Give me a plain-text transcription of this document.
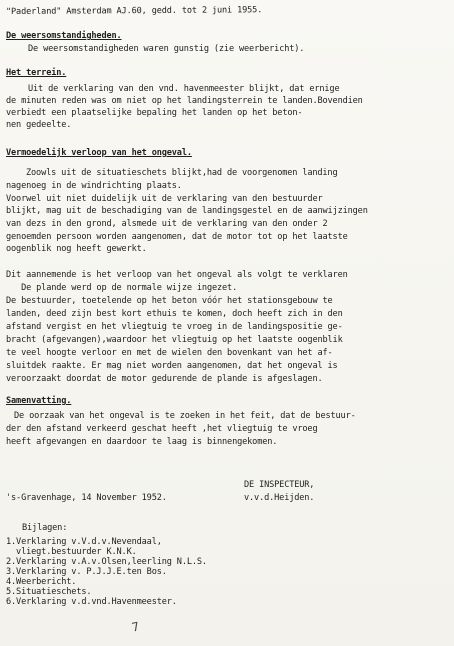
"Paderland" Amsterdam AJ.60, gedd. tot 2 juni 1955.
De weersomstandigheden.
De weersomstandigheden waren gunstig (zie weerbericht).
Het terrein.
Uit de verklaring van den vnd. havenmeester blijkt, dat ernige
de minuten reden was om niet op het landingsterrein te landen.Bovendien
verbiedt een plaatselijke bepaling het landen op het beton-
nen gedeelte.
Vermoedelijk verloop van het ongeval.
Zoowls uit de situatieschets blijkt,had de voorgenomen landing
nagenoeg in de windrichting plaats.
Voorwel uit niet duidelijk uit de verklaring van den bestuurder
blijkt, mag uit de beschadiging van de landingsgestel en de aanwijzingen
van dezs in den grond, alsmede uit de verklaring van den onder 2
genoemden persoon worden aangenomen, dat de motor tot op het laatste
oogenblik nog heeft gewerkt.
Dit aannemende is het verloop van het ongeval als volgt te verklaren
De plande werd op de normale wijze ingezet.
De bestuurder, toetelende op het beton vóór het stationsgebouw te
landen, deed zijn best kort ethuis te komen, doch heeft zich in den
afstand vergist en het vliegtuig te vroeg in de landingspositie ge-
bracht (afgevangen),waardoor het vliegtuig op het laatste oogenblik
te veel hoogte verloor en met de wielen den bovenkant van het af-
sluitdek raakte. Er mag niet worden aangenomen, dat het ongeval is
veroorzaakt doordat de motor gedurende de plande is afgeslagen.
Samenvatting.
De oorzaak van het ongeval is te zoeken in het feit, dat de bestuur-
der den afstand verkeerd geschat heeft ,het vliegtuig te vroeg
heeft afgevangen en daardoor te laag is binnengekomen.
DE INSPECTEUR,
's-Gravenhage, 14 November 1952.	v.v.d.Heijden.
Bijlagen:
1.Verklaring v.V.d.v.Nevendaal,
vliegt.bestuurder K.N.K.
2.Verklaring v.A.v.Olsen,leerling N.L.S.
3.Verklaring v. P.J.J.E.ten Bos.
4.Weerbericht.
5.Situatieschets.
6.Verklaring v.d.vnd.Havenmeester.
7
